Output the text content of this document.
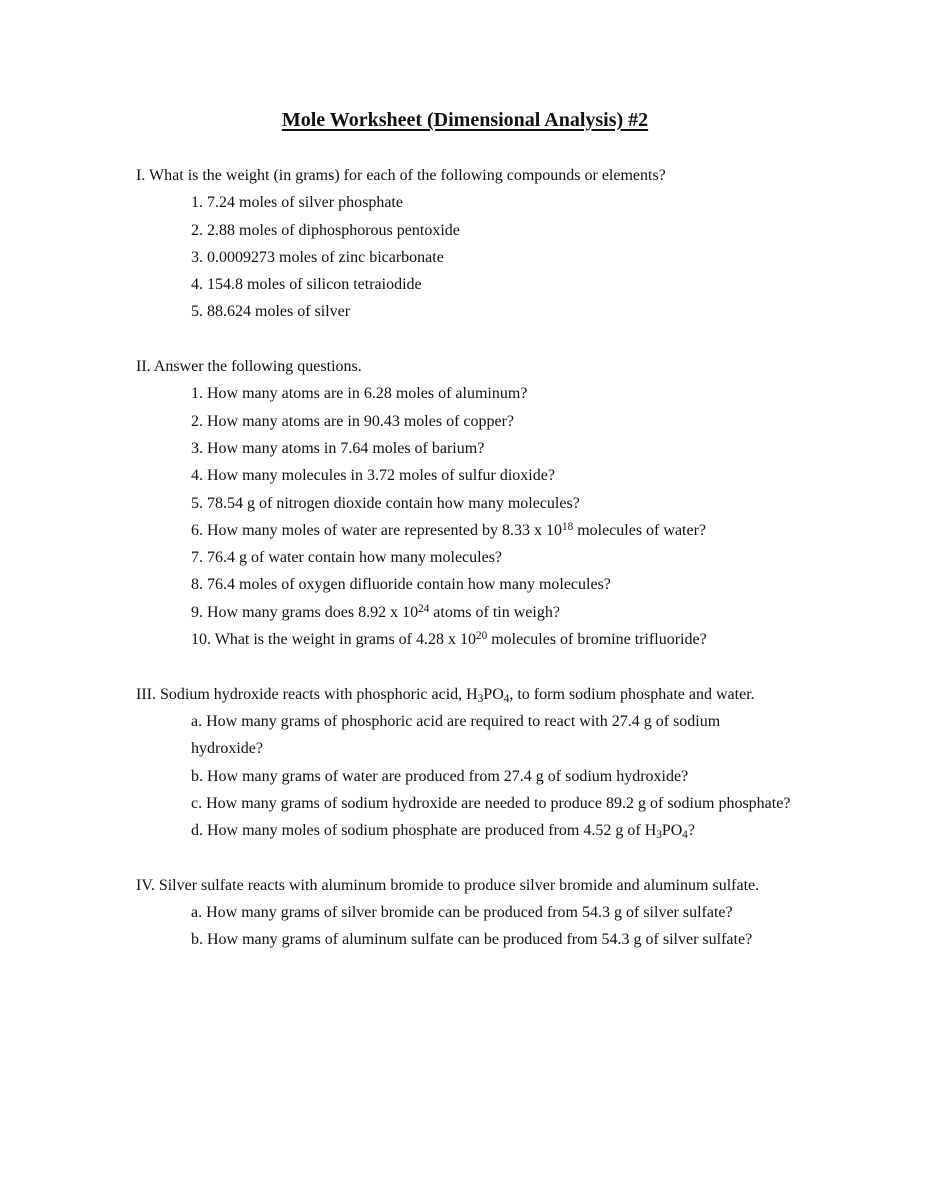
Mole Worksheet (Dimensional Analysis) #2

I. What is the weight (in grams) for each of the following compounds or elements?

1. 7.24 moles of silver phosphate

2. 2.88 moles of diphosphorous pentoxide

3. 0.0009273 moles of zinc bicarbonate

4. 154.8 moles of silicon tetraiodide

5. 88.624 moles of silver

II. Answer the following questions.

1. How many atoms are in 6.28 moles of aluminum?

2. How many atoms are in 90.43 moles of copper?

3. How many atoms in 7.64 moles of barium?

4. How many molecules in 3.72 moles of sulfur dioxide?

5. 78.54 g of nitrogen dioxide contain how many molecules?

6. How many moles of water are represented by 8.33 x $10^{18}$ molecules of water?

7. 76.4 g of water contain how many molecules?

8. 76.4 moles of oxygen difluoride contain how many molecules?

9. How many grams does 8.92 x $10^{24}$ atoms of tin weigh?

10. What is the weight in grams of 4.28 x $10^{20}$ molecules of bromine trifluoride?

III. Sodium hydroxide reacts with phosphoric acid, $H_3PO_4$, to form sodium phosphate and water.

a. How many grams of phosphoric acid are required to react with 27.4 g of sodium hydroxide?

b. How many grams of water are produced from 27.4 g of sodium hydroxide?

c. How many grams of sodium hydroxide are needed to produce 89.2 g of sodium phosphate?

d. How many moles of sodium phosphate are produced from 4.52 g of $H_3PO_4$?

IV. Silver sulfate reacts with aluminum bromide to produce silver bromide and aluminum sulfate.

a. How many grams of silver bromide can be produced from 54.3 g of silver sulfate?

b. How many grams of aluminum sulfate can be produced from 54.3 g of silver sulfate?
